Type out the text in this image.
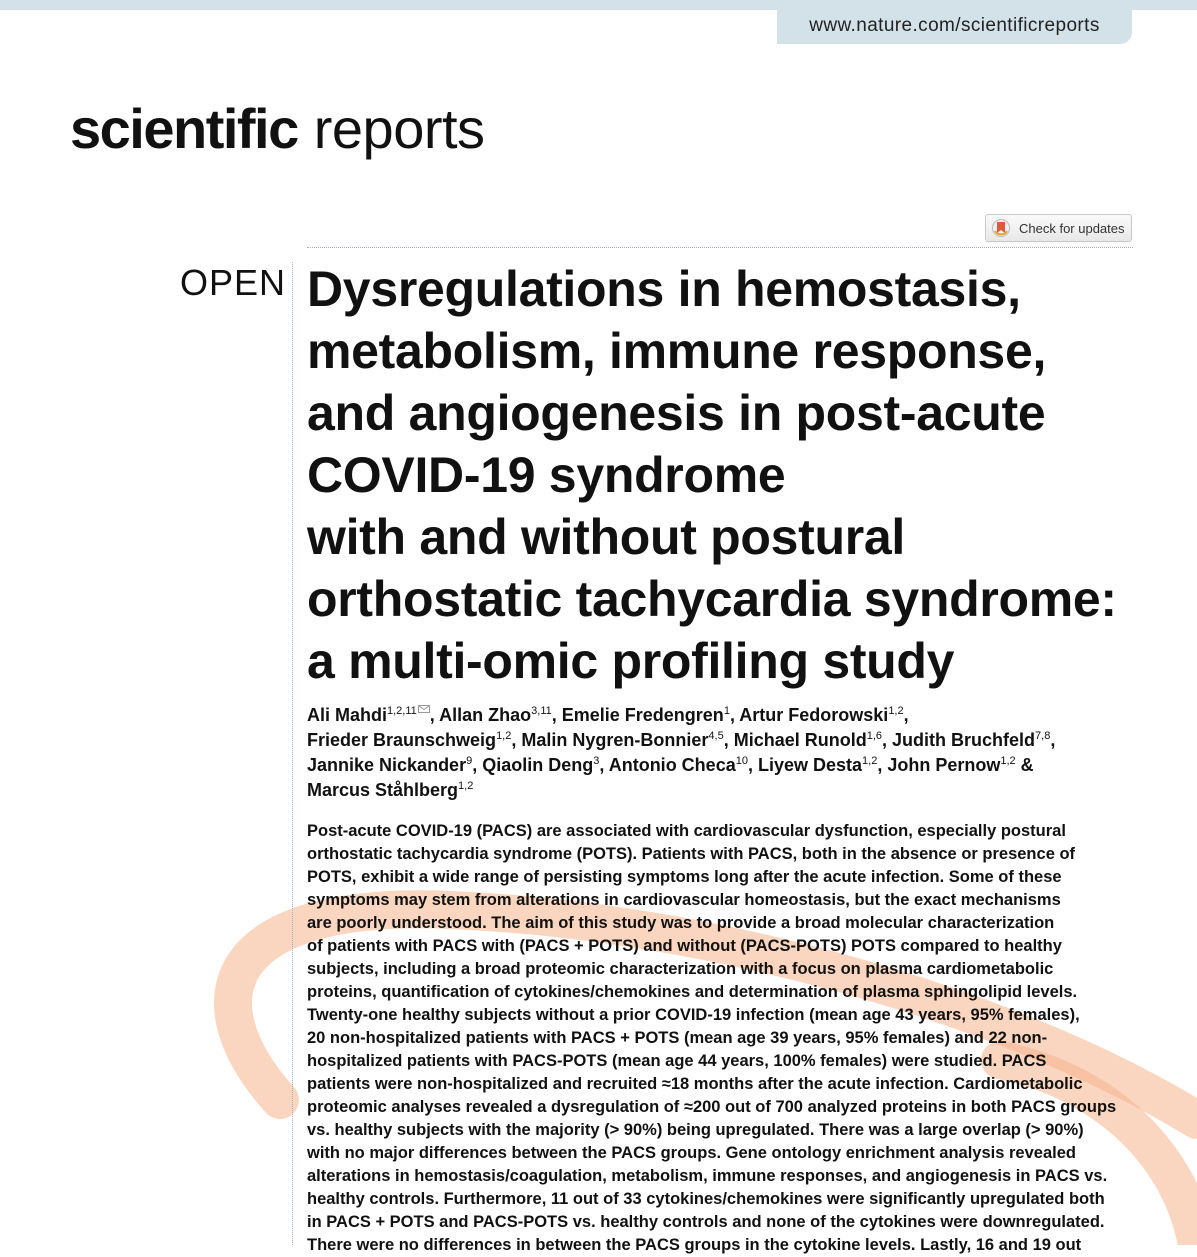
www.nature.com/scientificreports
scientific reports
Check for updates
OPEN Dysregulations in hemostasis,
metabolism, immune response,
and angiogenesis in post-acute
COVID-19 syndrome
with and without postural
orthostatic tachycardia syndrome:
a multi-omic profiling study
Ali Mahdi$^{1,2,11}$ , Allan Zhao$^{3,11}$, Emelie Fredengren$^1$, Artur Fedorowski$^{1,2}$,
Frieder Braunschweig$^{1,2}$, Malin Nygren-Bonnier$^{4,5}$, Michael Runold$^{1,6}$, Judith Bruchfeld$^{7,8}$,
Jannike Nickander$^9$, Qiaolin Deng$^3$, Antonio Checa$^{10}$, Liyew Desta$^{1,2}$, John Pernow$^{1,2}$ &
Marcus Ståhlberg$^{1,2}$
Post-acute COVID-19 (PACS) are associated with cardiovascular dysfunction, especially postural
orthostatic tachycardia syndrome (POTS). Patients with PACS, both in the absence or presence of
POTS, exhibit a wide range of persisting symptoms long after the acute infection. Some of these
symptoms may stem from alterations in cardiovascular homeostasis, but the exact mechanisms
are poorly understood. The aim of this study was to provide a broad molecular characterization
of patients with PACS with (PACS + POTS) and without (PACS-POTS) POTS compared to healthy
subjects, including a broad proteomic characterization with a focus on plasma cardiometabolic
proteins, quantification of cytokines/chemokines and determination of plasma sphingolipid levels.
Twenty-one healthy subjects without a prior COVID-19 infection (mean age 43 years, 95% females),
20 non-hospitalized patients with PACS + POTS (mean age 39 years, 95% females) and 22 non-
hospitalized patients with PACS-POTS (mean age 44 years, 100% females) were studied. PACS
patients were non-hospitalized and recruited ≈18 months after the acute infection. Cardiometabolic
proteomic analyses revealed a dysregulation of ≈200 out of 700 analyzed proteins in both PACS groups
vs. healthy subjects with the majority (> 90%) being upregulated. There was a large overlap (> 90%)
with no major differences between the PACS groups. Gene ontology enrichment analysis revealed
alterations in hemostasis/coagulation, metabolism, immune responses, and angiogenesis in PACS vs.
healthy controls. Furthermore, 11 out of 33 cytokines/chemokines were significantly upregulated both
in PACS + POTS and PACS-POTS vs. healthy controls and none of the cytokines were downregulated.
There were no differences in between the PACS groups in the cytokine levels. Lastly, 16 and 19 out
